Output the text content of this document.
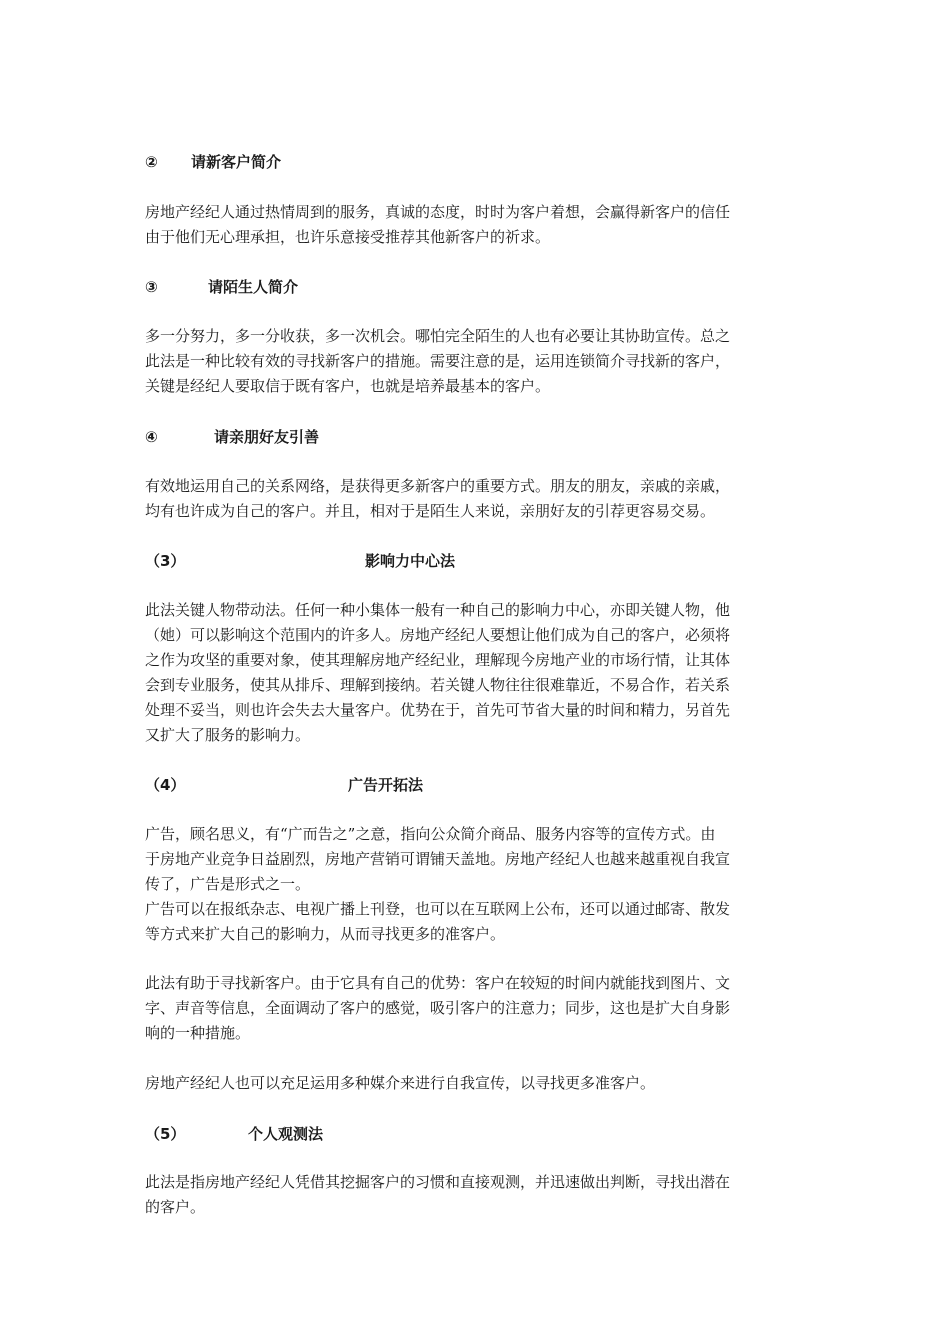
② 请新客户简介
房地产经纪人通过热情周到的服务，真诚的态度，时时为客户着想，会赢得新客户的信任
由于他们无心理承担，也许乐意接受推荐其他新客户的祈求。
③	请陌生人简介
多一分努力，多一分收获，多一次机会。哪怕完全陌生的人也有必要让其协助宣传。总之
此法是一种比较有效的寻找新客户的措施。需要注意的是，运用连锁简介寻找新的客户，
关键是经纪人要取信于既有客户，也就是培养最基本的客户。
④	请亲朋好友引善
有效地运用自己的关系网络，是获得更多新客户的重要方式。朋友的朋友，亲戚的亲戚，
均有也许成为自己的客户。并且，相对于是陌生人来说，亲朋好友的引荐更容易交易。
（3）	影响力中心法
此法关键人物带动法。任何一种小集体一般有一种自己的影响力中心，亦即关键人物，他
（她）可以影响这个范围内的许多人。房地产经纪人要想让他们成为自己的客户，必须将
之作为攻坚的重要对象，使其理解房地产经纪业，理解现今房地产业的市场行情，让其体
会到专业服务，使其从排斥、理解到接纳。若关键人物往往很难靠近，不易合作，若关系
处理不妥当，则也许会失去大量客户。优势在于，首先可节省大量的时间和精力，另首先
又扩大了服务的影响力。
（4）	广告开拓法
广告，顾名思义，有“广而告之”之意，指向公众简介商品、服务内容等的宣传方式。由
于房地产业竞争日益剧烈，房地产营销可谓铺天盖地。房地产经纪人也越来越重视自我宣
传了，广告是形式之一。
广告可以在报纸杂志、电视广播上刊登，也可以在互联网上公布，还可以通过邮寄、散发
等方式来扩大自己的影响力，从而寻找更多的准客户。
此法有助于寻找新客户。由于它具有自己的优势：客户在较短的时间内就能找到图片、文
字、声音等信息，全面调动了客户的感觉，吸引客户的注意力；同步，这也是扩大自身影
响的一种措施。
房地产经纪人也可以充足运用多种媒介来进行自我宣传，以寻找更多准客户。
（5）	个人观测法
此法是指房地产经纪人凭借其挖掘客户的习惯和直接观测，并迅速做出判断，寻找出潜在
的客户。
